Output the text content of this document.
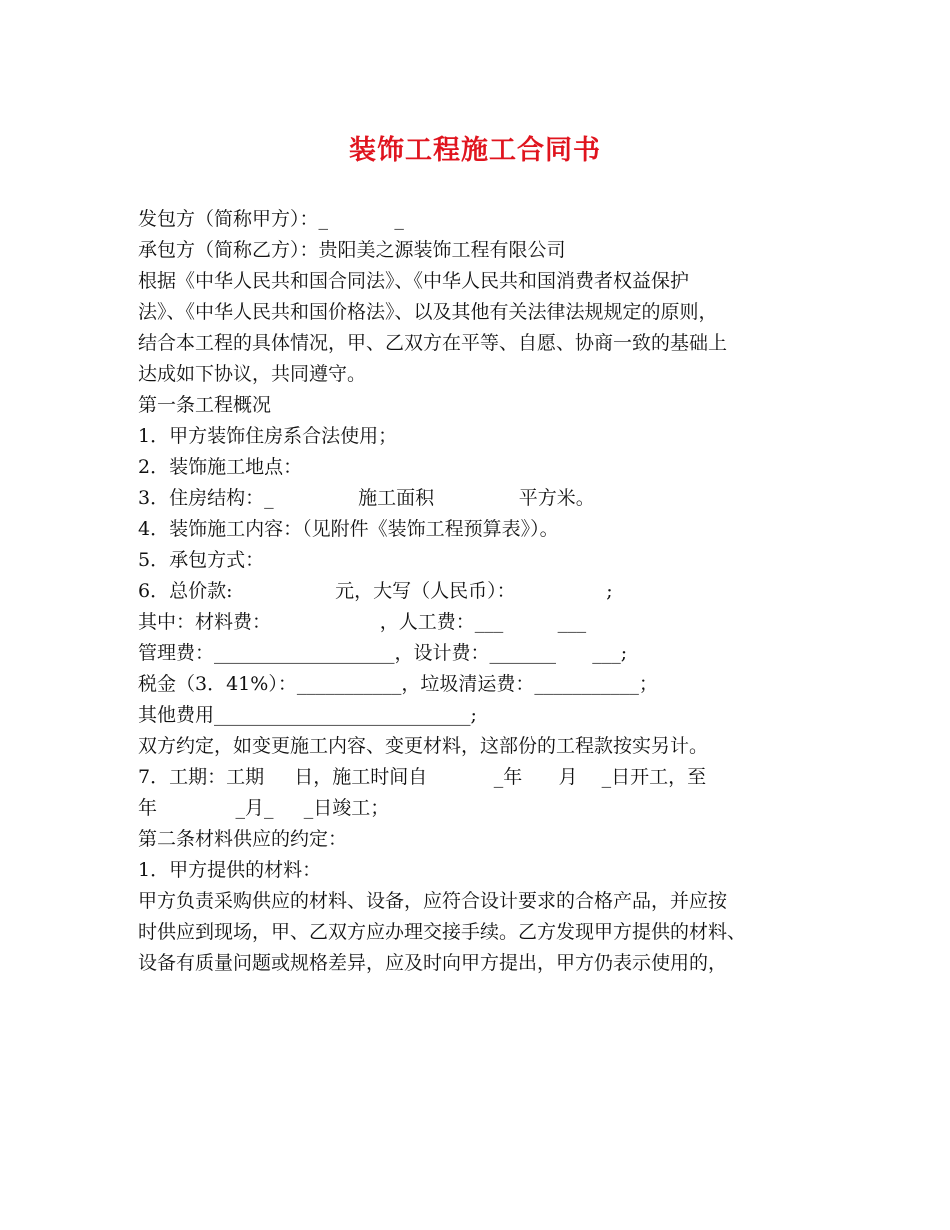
装饰工程施工合同书
发包方（简称甲方）：_           _
承包方（简称乙方）：贵阳美之源装饰工程有限公司
根据《中华人民共和国合同法》、《中华人民共和国消费者权益保护
法》、《中华人民共和国价格法》、以及其他有关法律法规规定的原则，
结合本工程的具体情况，甲、乙双方在平等、自愿、协商一致的基础上
达成如下协议，共同遵守。
第一条工程概况
1．甲方装饰住房系合法使用；
2．装饰施工地点：
3．住房结构：_              施工面积              平方米。
4．装饰施工内容：（见附件《装饰工程预算表》）。
5．承包方式：
6．总价款:                 元，大写（人民币）：               ;
其中：材料费：                  ，人工费：___         ___
管理费：___________________，设计费：_______      ___;
税金（3．41%）：___________，垃圾清运费：___________；
其他费用___________________________;
双方约定，如变更施工内容、变更材料，这部份的工程款按实另计。
7．工期：工期     日，施工时间自           _年      月    _日开工，至
年             _月_     _日竣工；
第二条材料供应的约定：
1．甲方提供的材料：
甲方负责采购供应的材料、设备，应符合设计要求的合格产品，并应按
时供应到现场，甲、乙双方应办理交接手续。乙方发现甲方提供的材料、
设备有质量问题或规格差异，应及时向甲方提出，甲方仍表示使用的，
